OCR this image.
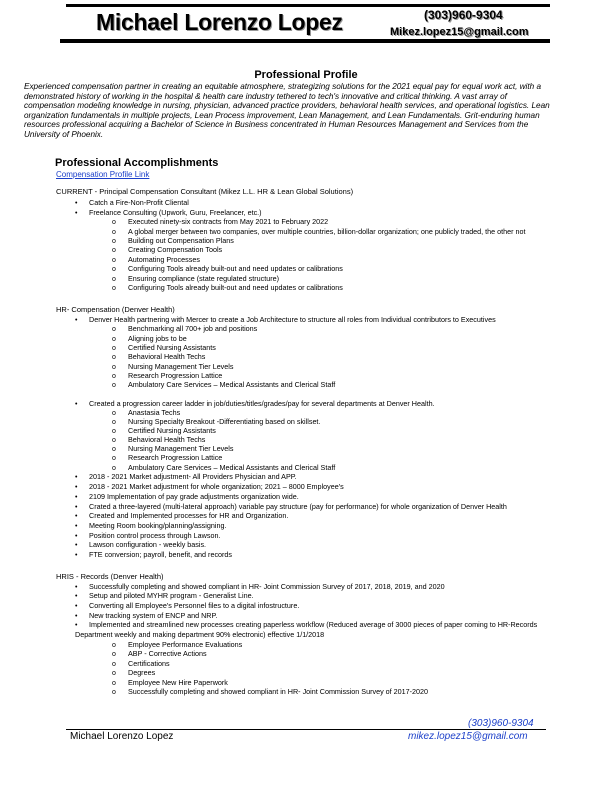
Michael Lorenzo Lopez	(303)960-9304
Mikez.lopez15@gmail.com
Professional Profile
Experienced compensation partner in creating an equitable atmosphere, strategizing solutions for the 2021 equal pay for equal work act, with a demonstrated history of working in the hospital & health care industry tethered to tech's innovative and critical thinking. A vast array of compensation modeling knowledge in nursing, physician, advanced practice providers, behavioral health services, and operational logistics. Lean organization fundamentals in multiple projects, Lean Process improvement, Lean Management, and Lean Fundamentals. Grit-enduring human resources professional acquiring a Bachelor of Science in Business concentrated in Human Resources Management and Services from the University of Phoenix.
Professional Accomplishments
Compensation Profile Link
CURRENT - Principal Compensation Consultant (Mikez L.L. HR & Lean Global Solutions)
• Catch a Fire-Non-Profit Cliental
• Freelance Consulting (Upwork, Guru, Freelancer, etc.)
o Executed ninety-six contracts from May 2021 to February 2022
o A global merger between two companies, over multiple countries, billion-dollar organization; one publicly traded, the other not
o Building out Compensation Plans
o Creating Compensation Tools
o Automating Processes
o Configuring Tools already built-out and need updates or calibrations
o Ensuring compliance (state regulated structure)
o Configuring Tools already built-out and need updates or calibrations
HR- Compensation (Denver Health)
• Denver Health partnering with Mercer to create a Job Architecture to structure all roles from Individual contributors to Executives
o Benchmarking all 700+ job and positions
o Aligning jobs to be
o Certified Nursing Assistants
o Behavioral Health Techs
o Nursing Management Tier Levels
o Research Progression Lattice
o Ambulatory Care Services – Medical Assistants and Clerical Staff
• Created a progression career ladder in job/duties/titles/grades/pay for several departments at Denver Health.
o Anastasia Techs
o Nursing Specialty Breakout -Differentiating based on skillset.
o Certified Nursing Assistants
o Behavioral Health Techs
o Nursing Management Tier Levels
o Research Progression Lattice
o Ambulatory Care Services – Medical Assistants and Clerical Staff
• 2018 - 2021 Market adjustment- All Providers Physician and APP.
• 2018 - 2021 Market adjustment for whole organization; 2021 – 8000 Employee's
• 2109 Implementation of pay grade adjustments organization wide.
• Crated a three-layered (multi-lateral approach) variable pay structure (pay for performance) for whole organization of Denver Health
• Created and Implemented processes for HR and Organization.
• Meeting Room booking/planning/assigning.
• Position control process through Lawson.
• Lawson configuration - weekly basis.
• FTE conversion; payroll, benefit, and records
HRIS - Records (Denver Health)
• Successfully completing and showed compliant in HR- Joint Commission Survey of 2017, 2018, 2019, and 2020
• Setup and piloted MYHR program - Generalist Line.
• Converting all Employee's Personnel files to a digital infostructure.
• New tracking system of ENCP and NRP.
• Implemented and streamlined new processes creating paperless workflow (Reduced average of 3000 pieces of paper coming to HR-Records Department weekly and making department 90% electronic) effective 1/1/2018
o Employee Performance Evaluations
o ABP - Corrective Actions
o Certifications
o Degrees
o Employee New Hire Paperwork
o Successfully completing and showed compliant in HR- Joint Commission Survey of 2017-2020
(303)960-9304
Michael Lorenzo Lopez	mikez.lopez15@gmail.com
